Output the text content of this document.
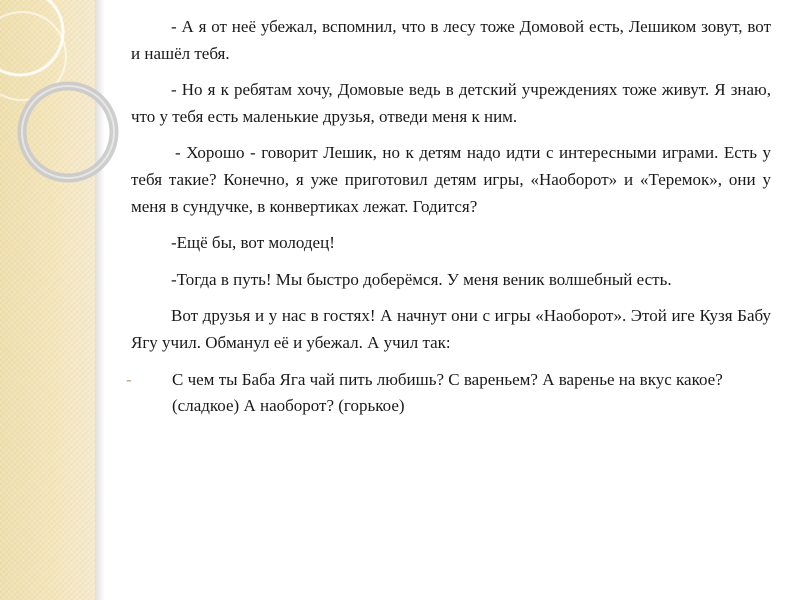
- А я от неё убежал, вспомнил, что в лесу тоже Домовой есть, Лешиком зовут, вот и нашёл тебя.

- Но я к ребятам хочу, Домовые ведь в детский учреждениях тоже живут. Я знаю, что у тебя есть маленькие друзья, отведи меня к ним.

- Хорошо - говорит Лешик, но к детям надо идти с интересными играми. Есть у тебя такие? Конечно, я уже приготовил детям игры, «Наоборот» и «Теремок», они у меня в сундучке, в конвертиках лежат. Годится?

-Ещё бы, вот молодец!

-Тогда в путь! Мы быстро доберёмся. У меня веник волшебный есть.

Вот друзья и у нас в гостях! А начнут они с игры «Наоборот». Этой иге Кузя Бабу Ягу учил. Обманул её и убежал. А учил так:

- С чем ты Баба Яга чай пить любишь? С вареньем? А варенье на вкус какое? (сладкое) А наоборот? (горькое)
